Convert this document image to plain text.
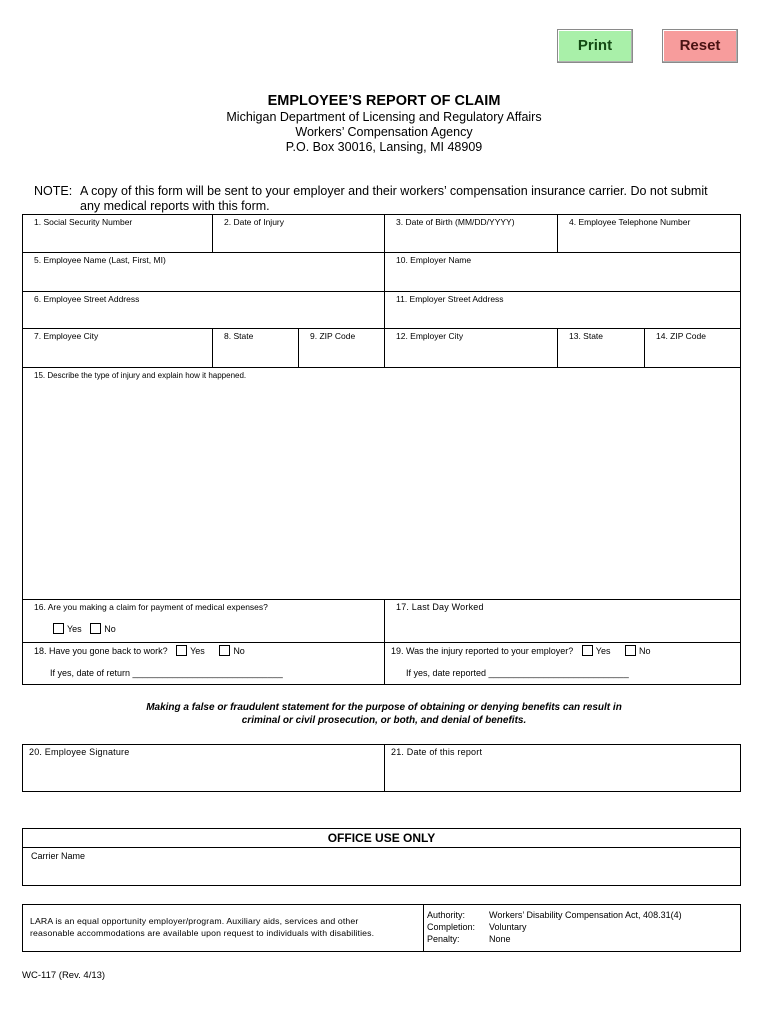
Print	Reset
EMPLOYEE’S REPORT OF CLAIM
Michigan Department of Licensing and Regulatory Affairs
Workers’ Compensation Agency
P.O. Box 30016, Lansing, MI 48909
NOTE: A copy of this form will be sent to your employer and their workers’ compensation insurance carrier. Do not submit
any medical reports with this form.
1. Social Security Number	2. Date of Injury	3. Date of Birth (MM/DD/YYYY)	4. Employee Telephone Number
5. Employee Name (Last, First, MI)	10. Employer Name
6. Employee Street Address	11. Employer Street Address
7. Employee City	8. State	9. ZIP Code	12. Employer City	13. State	14. ZIP Code
15. Describe the type of injury and explain how it happened.
16. Are you making a claim for payment of medical expenses?
Yes	No
17. Last Day Worked
18. Have you gone back to work?	Yes	No
If yes, date of return ______________________________
19. Was the injury reported to your employer?	Yes	No
If yes, date reported ____________________________
Making a false or fraudulent statement for the purpose of obtaining or denying benefits can result in
criminal or civil prosecution, or both, and denial of benefits.
20. Employee Signature	21. Date of this report
OFFICE USE ONLY
Carrier Name
LARA is an equal opportunity employer/program. Auxiliary aids, services and other
reasonable accommodations are available upon request to individuals with disabilities.
Authority:	Workers’ Disability Compensation Act, 408.31(4)
Completion: Voluntary
Penalty:	None
WC-117 (Rev. 4/13)
